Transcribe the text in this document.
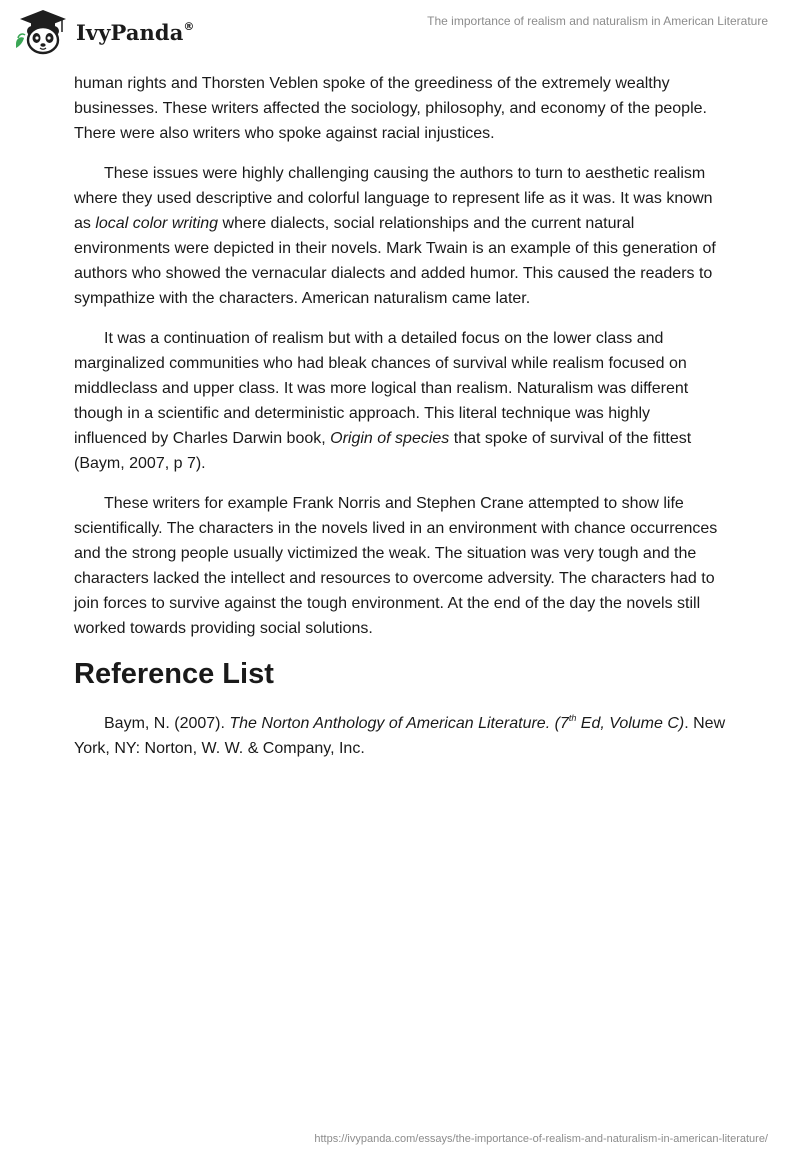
IvyPanda®	The importance of realism and naturalism in American Literature

human rights and Thorsten Veblen spoke of the greediness of the extremely wealthy businesses. These writers affected the sociology, philosophy, and economy of the people. There were also writers who spoke against racial injustices.

These issues were highly challenging causing the authors to turn to aesthetic realism where they used descriptive and colorful language to represent life as it was. It was known as local color writing where dialects, social relationships and the current natural environments were depicted in their novels. Mark Twain is an example of this generation of authors who showed the vernacular dialects and added humor. This caused the readers to sympathize with the characters. American naturalism came later.

It was a continuation of realism but with a detailed focus on the lower class and marginalized communities who had bleak chances of survival while realism focused on middleclass and upper class. It was more logical than realism. Naturalism was different though in a scientific and deterministic approach. This literal technique was highly influenced by Charles Darwin book, Origin of species that spoke of survival of the fittest (Baym, 2007, p 7).

These writers for example Frank Norris and Stephen Crane attempted to show life scientifically. The characters in the novels lived in an environment with chance occurrences and the strong people usually victimized the weak. The situation was very tough and the characters lacked the intellect and resources to overcome adversity. The characters had to join forces to survive against the tough environment. At the end of the day the novels still worked towards providing social solutions.

Reference List

Baym, N. (2007). The Norton Anthology of American Literature. (7th Ed, Volume C). New York, NY: Norton, W. W. & Company, Inc.

https://ivypanda.com/essays/the-importance-of-realism-and-naturalism-in-american-literature/
